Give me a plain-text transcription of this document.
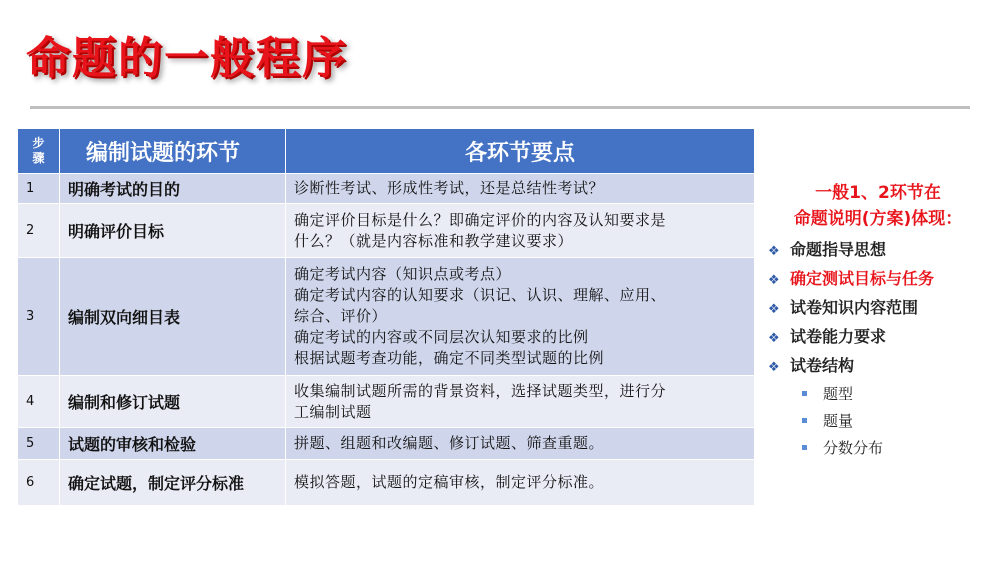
命题的一般程序
步
骤	编制试题的环节	各环节要点
1	明确考试的目的	诊断性考试、形成性考试，还是总结性考试？

2	明确评价目标	确定评价目标是什么？即确定评价的内容及认知要求是
什么？（就是内容标准和教学建议要求）

3	编制双向细目表	确定考试内容（知识点或考点）
确定考试内容的认知要求（识记、认识、理解、应用、
综合、评价）
确定考试的内容或不同层次认知要求的比例
根据试题考查功能，确定不同类型试题的比例

4	编制和修订试题	收集编制试题所需的背景资料，选择试题类型，进行分
工编制试题

5	试题的审核和检验	拼题、组题和改编题、修订试题、筛查重题。

6	确定试题，制定评分标准	模拟答题，试题的定稿审核，制定评分标准。
一般1、2环节在
命题说明(方案)体现：
❖ 命题指导思想
❖ 确定测试目标与任务
❖ 试卷知识内容范围
❖ 试卷能力要求
❖ 试卷结构
题型
题量
分数分布
